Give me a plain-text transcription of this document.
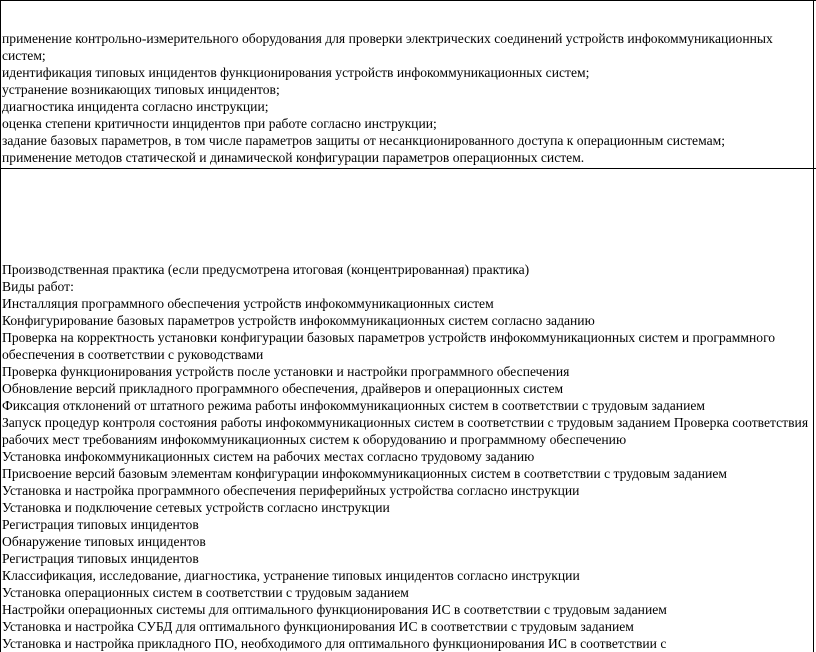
применение контрольно-измерительного оборудования для проверки электрических соединений устройств инфокоммуникационных систем;
идентификация типовых инцидентов функционирования устройств инфокоммуникационных систем;
устранение возникающих типовых инцидентов;
диагностика инцидента согласно инструкции;
оценка степени критичности инцидентов при работе согласно инструкции;
задание базовых параметров, в том числе параметров защиты от несанкционированного доступа к операционным системам;
применение методов статической и динамической конфигурации параметров операционных систем.
Производственная практика (если предусмотрена итоговая (концентрированная) практика)
Виды работ:
Инсталляция программного обеспечения устройств инфокоммуникационных систем
Конфигурирование базовых параметров устройств инфокоммуникационных систем согласно заданию
Проверка на корректность установки конфигурации базовых параметров устройств инфокоммуникационных систем и программного обеспечения в соответствии с руководствами
Проверка функционирования устройств после установки и настройки программного обеспечения
Обновление версий прикладного программного обеспечения, драйверов и операционных систем
Фиксация отклонений от штатного режима работы инфокоммуникационных систем в соответствии с трудовым заданием
Запуск процедур контроля состояния работы инфокоммуникационных систем в соответствии с трудовым заданием Проверка соответствия рабочих мест требованиям инфокоммуникационных систем к оборудованию и программному обеспечению
Установка инфокоммуникационных систем на рабочих местах согласно трудовому заданию
Присвоение версий базовым элементам конфигурации инфокоммуникационных систем в соответствии с трудовым заданием
Установка и настройка программного обеспечения периферийных устройства согласно инструкции
Установка и подключение сетевых устройств согласно инструкции
Регистрация типовых инцидентов
Обнаружение типовых инцидентов
Регистрация типовых инцидентов
Классификация, исследование, диагностика, устранение типовых инцидентов согласно инструкции
Установка операционных систем в соответствии с трудовым заданием
Настройки операционных системы для оптимального функционирования ИС в соответствии с трудовым заданием
Установка и настройка СУБД для оптимального функционирования ИС в соответствии с трудовым заданием
Установка и настройка прикладного ПО, необходимого для оптимального функционирования ИС в соответствии с
